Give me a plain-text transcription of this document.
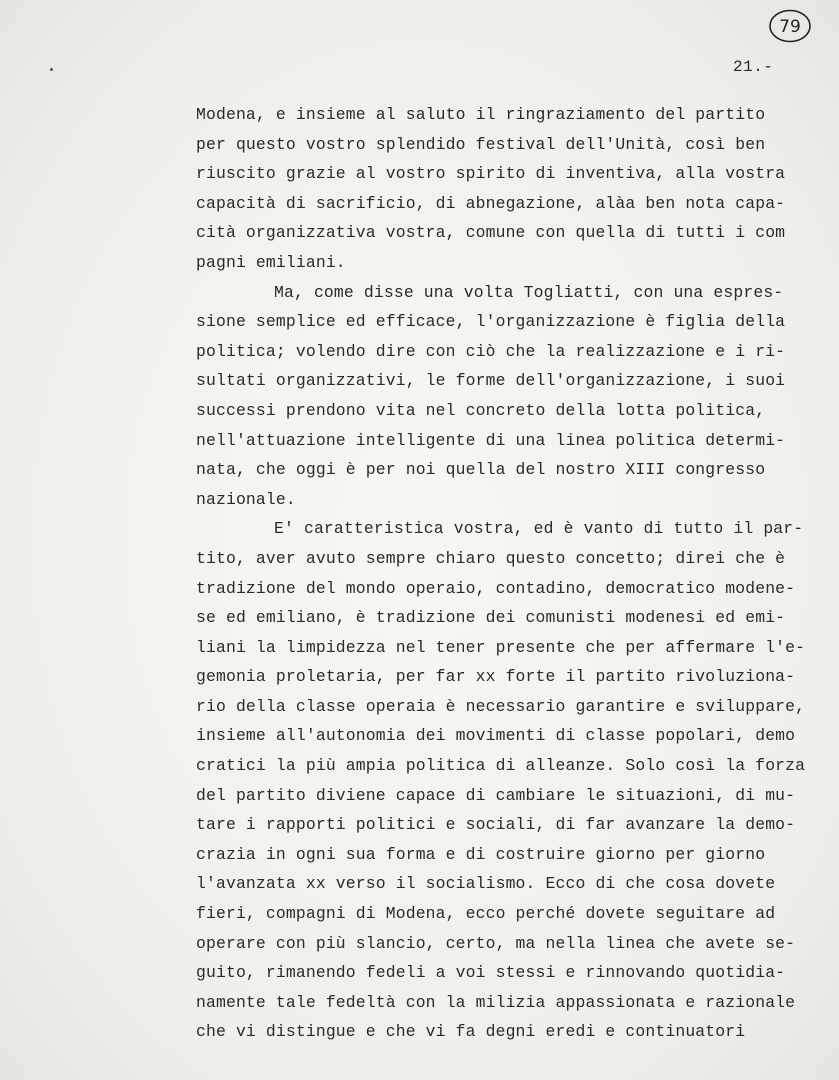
79
21.-
Modena, e insieme al saluto il ringraziamento del partito
per questo vostro splendido festival dell'Unità, così ben
riuscito grazie al vostro spirito di inventiva, alla vostra
capacità di sacrificio, di abnegazione, alàa ben nota capa-
cità organizzativa vostra, comune con quella di tutti i com
pagni emiliani.
Ma, come disse una volta Togliatti, con una espres-
sione semplice ed efficace, l'organizzazione è figlia della
politica; volendo dire con ciò che la realizzazione e i ri-
sultati organizzativi, le forme dell'organizzazione, i suoi
successi prendono vita nel concreto della lotta politica,
nell'attuazione intelligente di una linea politica determi-
nata, che oggi è per noi quella del nostro XIII congresso
nazionale.
E' caratteristica vostra, ed è vanto di tutto il par-
tito, aver avuto sempre chiaro questo concetto; direi che è
tradizione del mondo operaio, contadino, democratico modene-
se ed emiliano, è tradizione dei comunisti modenesi ed emi-
liani la limpidezza nel tener presente che per affermare l'e-
gemonia proletaria, per far xx forte il partito rivoluziona-
rio della classe operaia è necessario garantire e sviluppare,
insieme all'autonomia dei movimenti di classe popolari, demo
cratici la più ampia politica di alleanze. Solo così la forza
del partito diviene capace di cambiare le situazioni, di mu-
tare i rapporti politici e sociali, di far avanzare la demo-
crazia in ogni sua forma e di costruire giorno per giorno
l'avanzata xx verso il socialismo. Ecco di che cosa dovete
fieri, compagni di Modena, ecco perché dovete seguitare ad
operare con più slancio, certo, ma nella linea che avete se-
guito, rimanendo fedeli a voi stessi e rinnovando quotidia-
namente tale fedeltà con la milizia appassionata e razionale
che vi distingue e che vi fa degni eredi e continuatori
